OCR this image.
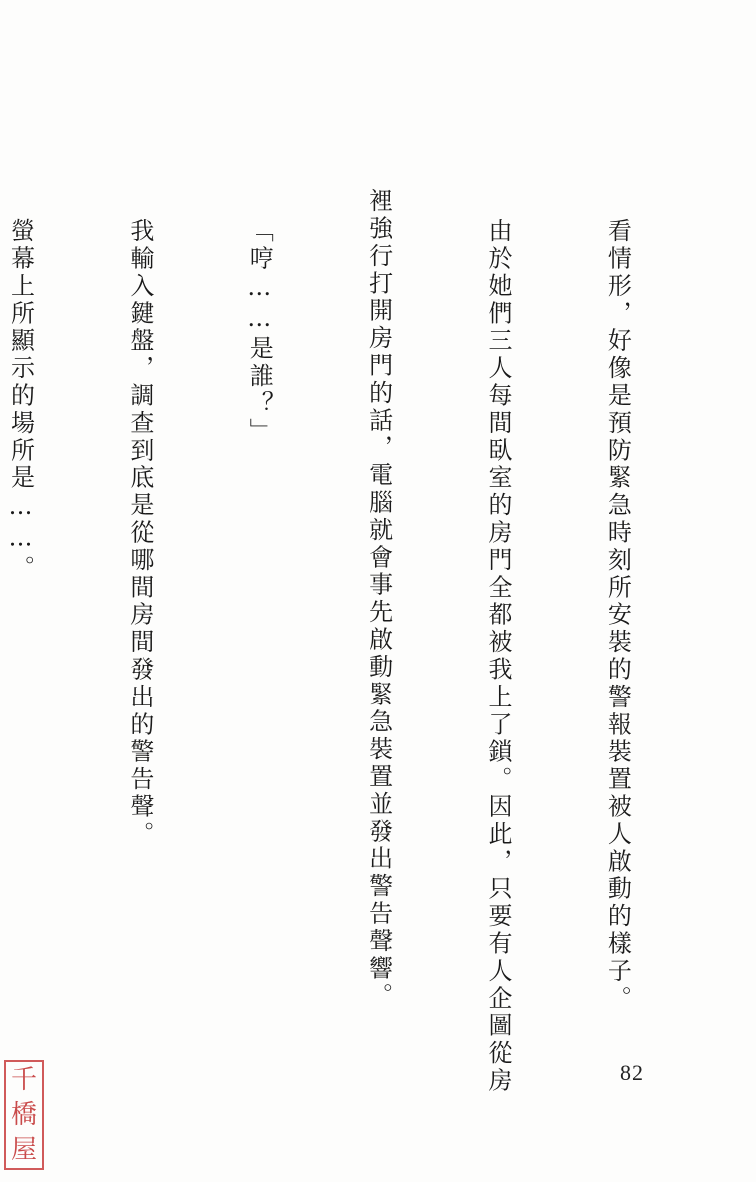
看情形，好像是預防緊急時刻所安裝的警報裝置被人啟動的樣子。

由於她們三人每間臥室的房門全都被我上了鎖。因此，只要有人企圖從房

裡強行打開房門的話，電腦就會事先啟動緊急裝置並發出警告聲響。

「哼……是誰？」

我輸入鍵盤，調查到底是從哪間房間發出的警告聲。

螢幕上所顯示的場所是……。

82
千
橋
屋
